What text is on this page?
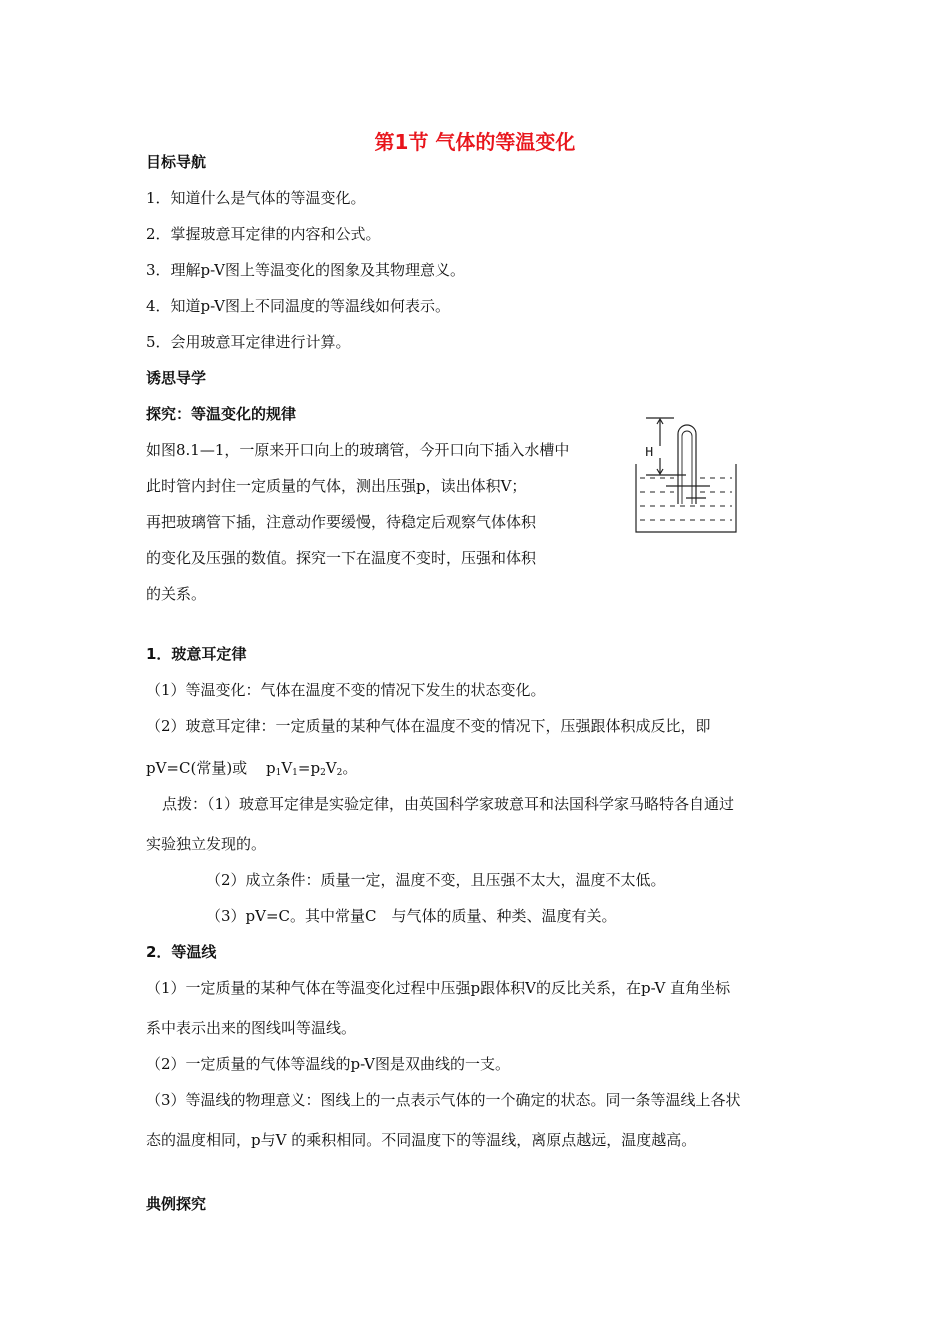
第1节 气体的等温变化
目标导航
1．知道什么是气体的等温变化。
2．掌握玻意耳定律的内容和公式。
3．理解p-V图上等温变化的图象及其物理意义。
4．知道p-V图上不同温度的等温线如何表示。
5．会用玻意耳定律进行计算。
诱思导学
探究：等温变化的规律
如图8.1—1，一原来开口向上的玻璃管，今开口向下插入水槽中
此时管内封住一定质量的气体，测出压强p，读出体积V；
再把玻璃管下插，注意动作要缓慢，待稳定后观察气体体积
的变化及压强的数值。探究一下在温度不变时，压强和体积
的关系。
H
1．玻意耳定律
（1）等温变化：气体在温度不变的情况下发生的状态变化。
（2）玻意耳定律：一定质量的某种气体在温度不变的情况下，压强跟体积成反比，即
pV=C(常量)或 $p_1V_1=p_2V_2$。
点拨：（1）玻意耳定律是实验定律，由英国科学家玻意耳和法国科学家马略特各自通过
实验独立发现的。
（2）成立条件：质量一定，温度不变，且压强不太大，温度不太低。
（3）pV=C。其中常量C　与气体的质量、种类、温度有关。
2．等温线
（1）一定质量的某种气体在等温变化过程中压强p跟体积V的反比关系，在p-V 直角坐标
系中表示出来的图线叫等温线。
（2）一定质量的气体等温线的p-V图是双曲线的一支。
（3）等温线的物理意义：图线上的一点表示气体的一个确定的状态。同一条等温线上各状
态的温度相同，p与V 的乘积相同。不同温度下的等温线，离原点越远，温度越高。
典例探究
